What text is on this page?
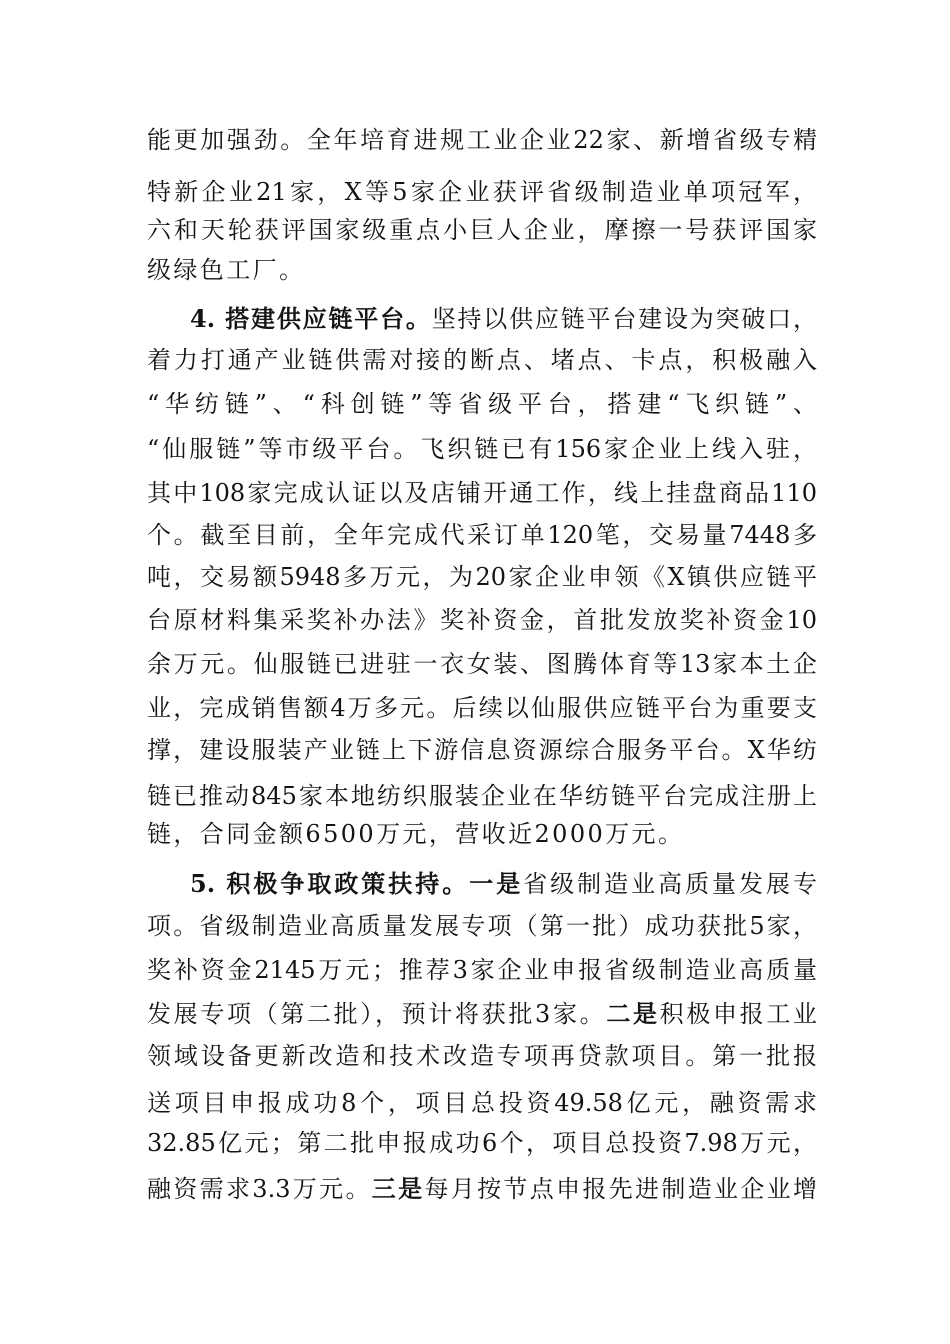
能更加强劲。全年培育进规工业企业22家、新增省级专精
特新企业21家，X等5家企业获评省级制造业单项冠军，
六和天轮获评国家级重点小巨人企业，摩擦一号获评国家
级绿色工厂。
4. 搭建供应链平台。坚持以供应链平台建设为突破口，
着力打通产业链供需对接的断点、堵点、卡点，积极融入
“华纺链”、“科创链”等省级平台，搭建“飞织链”、
“仙服链”等市级平台。飞织链已有156家企业上线入驻，
其中108家完成认证以及店铺开通工作，线上挂盘商品110
个。截至目前，全年完成代采订单120笔，交易量7448多
吨，交易额5948多万元，为20家企业申领《X镇供应链平
台原材料集采奖补办法》奖补资金，首批发放奖补资金10
余万元。仙服链已进驻一衣女装、图腾体育等13家本土企
业，完成销售额4万多元。后续以仙服供应链平台为重要支
撑，建设服装产业链上下游信息资源综合服务平台。X华纺
链已推动845家本地纺织服装企业在华纺链平台完成注册上
链，合同金额6500万元，营收近2000万元。
5. 积极争取政策扶持。一是省级制造业高质量发展专
项。省级制造业高质量发展专项（第一批）成功获批5家，
奖补资金2145万元；推荐3家企业申报省级制造业高质量
发展专项（第二批），预计将获批3家。二是积极申报工业
领域设备更新改造和技术改造专项再贷款项目。第一批报
送项目申报成功8个，项目总投资49.58亿元，融资需求
32.85亿元；第二批申报成功6个，项目总投资7.98万元，
融资需求3.3万元。三是每月按节点申报先进制造业企业增
